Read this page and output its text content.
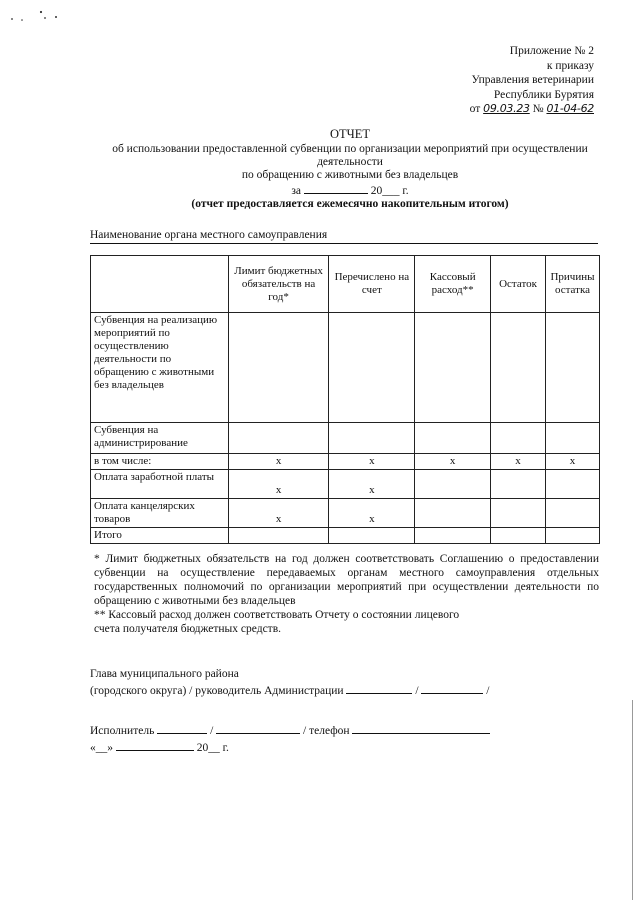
Приложение № 2
к приказу
Управления ветеринарии
Республики Бурятия
от 09.03.23 № 01-04-62
ОТЧЕТ
об использовании предоставленной субвенции по организации мероприятий при осуществлении
деятельности
по обращению с животными без владельцев
за	20___ г.
(отчет предоставляется ежемесячно накопительным итогом)
Наименование органа местного самоуправления
	Лимит бюджетных обязательств на год*	Перечислено на счет	Кассовый расход**	Остаток	Причины остатка
Субвенция на реализацию мероприятий по осуществлению деятельности по обращению с животными без владельцев					
Субвенция на администрирование					
в том числе:	x	x	x	x	x
Оплата заработной платы	x	x			
Оплата канцелярских товаров	x	x			
Итого					

* Лимит бюджетных обязательств на год должен соответствовать Соглашению о предоставлении субвенции на осуществление передаваемых органам местного самоуправления отдельных государственных полномочий по организации мероприятий при осуществлении деятельности по обращению с животными без владельцев

** Кассовый расход должен соответствовать Отчету о состоянии лицевого

счета получателя бюджетных средств.

Глава муниципального района
(городского округа) / руководитель Администрации	/	/
Исполнитель	/	/ телефон
«__»	20__ г.
